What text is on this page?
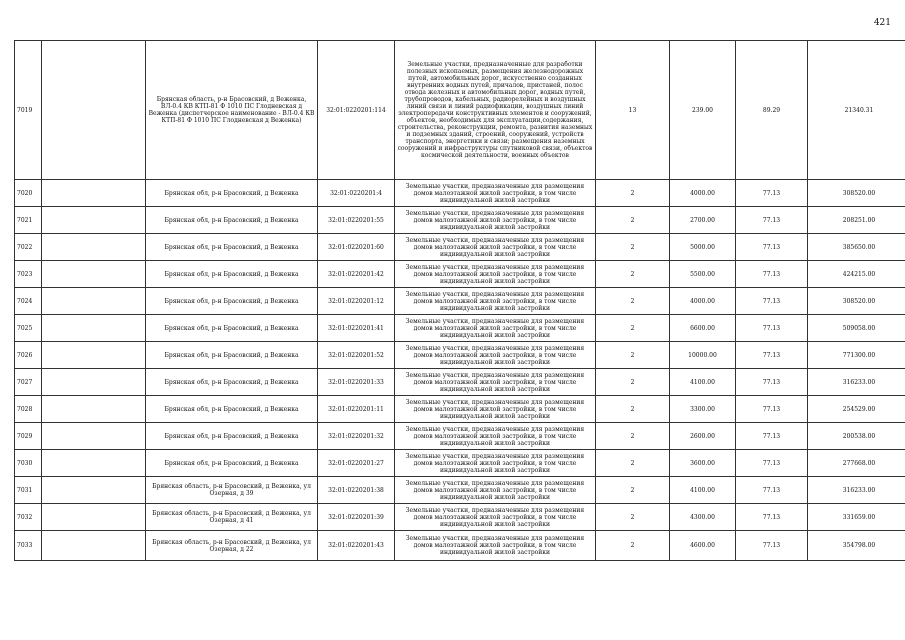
421
7019		Брянская область, р-н Брасовский, д Веженка, ВЛ-0.4 КВ КТП-81 Ф 1010 ПС Глодневская д Веженка (диспетчерское наименование - ВЛ-0.4 КВ КТП-81 Ф 1010 ПС Глодневская д Веженка)	32:01:0220201:114	Земельные участки, предназначенные для разработки полезных ископаемых, размещения железнодорожных путей, автомобильных дорог, искусственно созданных внутренних водных путей, причалов, пристаней, полос отвода железных и автомобильных дорог, водных путей, трубопроводов, кабельных, радиорелейных и воздушных линий связи и линий радиофикации, воздушных линий электропередачи конструктивных элементов и сооружений, объектов, необходимых для эксплуатации,содержания, строительства, реконструкции, ремонта, развития наземных и подземных зданий, строений, сооружений, устройств транспорта, энергетики и связи; размещения наземных сооружений и инфраструктуры спутниковой связи, объектов космической деятельности, военных объектов	13	239.00	89.29	21340.31
7020		Брянская обл, р-н Брасовский, д Веженка	32:01:0220201:4	Земельные участки, предназначенные для размещения домов малоэтажной жилой застройки, в том числе индивидуальной жилой застройки	2	4000.00	77.13	308520.00
7021		Брянская обл, р-н Брасовский, д Веженка	32:01:0220201:55	Земельные участки, предназначенные для размещения домов малоэтажной жилой застройки, в том числе индивидуальной жилой застройки	2	2700.00	77.13	208251.00
7022		Брянская обл, р-н Брасовский, д Веженка	32:01:0220201:60	Земельные участки, предназначенные для размещения домов малоэтажной жилой застройки, в том числе индивидуальной жилой застройки	2	5000.00	77.13	385650.00
7023		Брянская обл, р-н Брасовский, д Веженка	32:01:0220201:42	Земельные участки, предназначенные для размещения домов малоэтажной жилой застройки, в том числе индивидуальной жилой застройки	2	5500.00	77.13	424215.00
7024		Брянская обл, р-н Брасовский, д Веженка	32:01:0220201:12	Земельные участки, предназначенные для размещения домов малоэтажной жилой застройки, в том числе индивидуальной жилой застройки	2	4000.00	77.13	308520.00
7025		Брянская обл, р-н Брасовский, д Веженка	32:01:0220201:41	Земельные участки, предназначенные для размещения домов малоэтажной жилой застройки, в том числе индивидуальной жилой застройки	2	6600.00	77.13	509058.00
7026		Брянская обл, р-н Брасовский, д Веженка	32:01:0220201:52	Земельные участки, предназначенные для размещения домов малоэтажной жилой застройки, в том числе индивидуальной жилой застройки	2	10000.00	77.13	771300.00
7027		Брянская обл, р-н Брасовский, д Веженка	32:01:0220201:33	Земельные участки, предназначенные для размещения домов малоэтажной жилой застройки, в том числе индивидуальной жилой застройки	2	4100.00	77.13	316233.00
7028		Брянская обл, р-н Брасовский, д Веженка	32:01:0220201:11	Земельные участки, предназначенные для размещения домов малоэтажной жилой застройки, в том числе индивидуальной жилой застройки	2	3300.00	77.13	254529.00
7029		Брянская обл, р-н Брасовский, д Веженка	32:01:0220201:32	Земельные участки, предназначенные для размещения домов малоэтажной жилой застройки, в том числе индивидуальной жилой застройки	2	2600.00	77.13	200538.00
7030		Брянская обл, р-н Брасовский, д Веженка	32:01:0220201:27	Земельные участки, предназначенные для размещения домов малоэтажной жилой застройки, в том числе индивидуальной жилой застройки	2	3600.00	77.13	277668.00
7031		Брянская область, р-н Брасовский, д Веженка, ул Озерная, д 39	32:01:0220201:38	Земельные участки, предназначенные для размещения домов малоэтажной жилой застройки, в том числе индивидуальной жилой застройки	2	4100.00	77.13	316233.00
7032		Брянская область, р-н Брасовский, д Веженка, ул Озерная, д 41	32:01:0220201:39	Земельные участки, предназначенные для размещения домов малоэтажной жилой застройки, в том числе индивидуальной жилой застройки	2	4300.00	77.13	331659.00
7033		Брянская область, р-н Брасовский, д Веженка, ул Озерная, д 22	32:01:0220201:43	Земельные участки, предназначенные для размещения домов малоэтажной жилой застройки, в том числе индивидуальной жилой застройки	2	4600.00	77.13	354798.00
